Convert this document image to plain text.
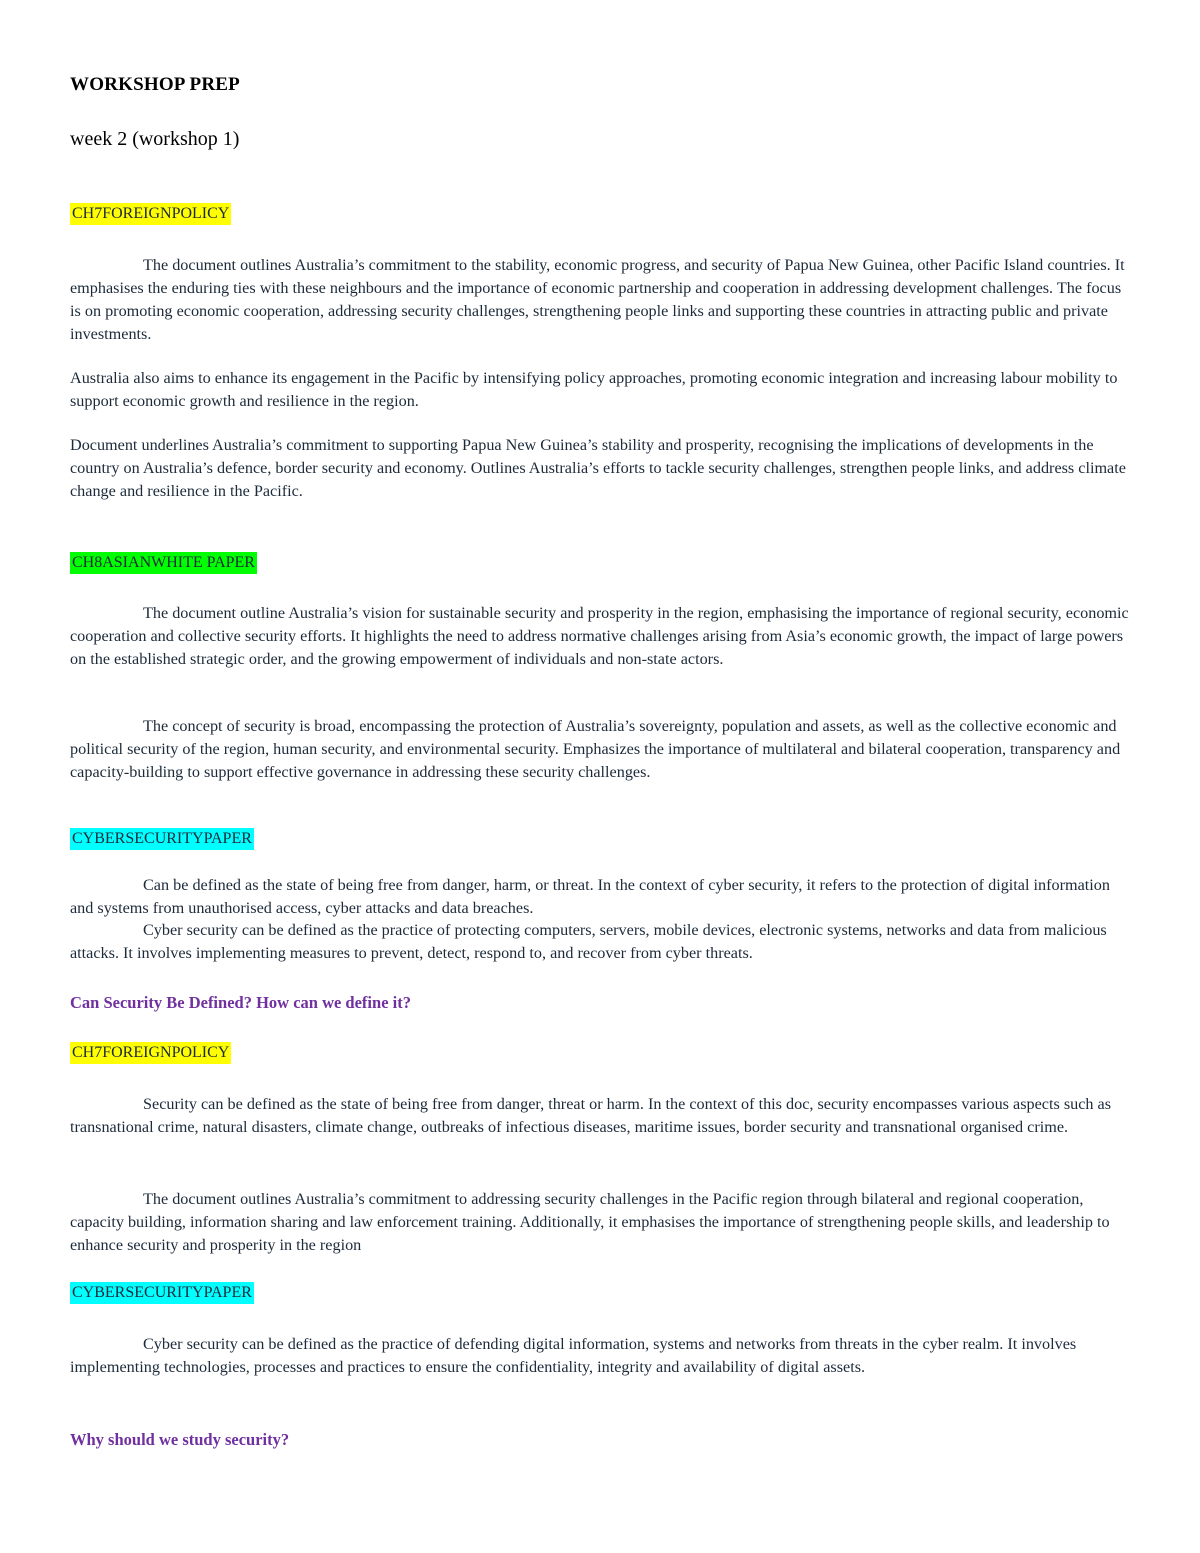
WORKSHOP PREP
week 2 (workshop 1)
CH7FOREIGNPOLICY

The document outlines Australia’s commitment to the stability, economic progress, and security of Papua New Guinea, other Pacific Island countries. It emphasises the enduring ties with these neighbours and the importance of economic partnership and cooperation in addressing development challenges. The focus is on promoting economic cooperation, addressing security challenges, strengthening people links and supporting these countries in attracting public and private investments.

Australia also aims to enhance its engagement in the Pacific by intensifying policy approaches, promoting economic integration and increasing labour mobility to support economic growth and resilience in the region.

Document underlines Australia’s commitment to supporting Papua New Guinea’s stability and prosperity, recognising the implications of developments in the country on Australia’s defence, border security and economy. Outlines Australia’s efforts to tackle security challenges, strengthen people links, and address climate change and resilience in the Pacific.

CH8ASIANWHITE PAPER

The document outline Australia’s vision for sustainable security and prosperity in the region, emphasising the importance of regional security, economic cooperation and collective security efforts. It highlights the need to address normative challenges arising from Asia’s economic growth, the impact of large powers on the established strategic order, and the growing empowerment of individuals and non-state actors.

The concept of security is broad, encompassing the protection of Australia’s sovereignty, population and assets, as well as the collective economic and political security of the region, human security, and environmental security. Emphasizes the importance of multilateral and bilateral cooperation, transparency and capacity-building to support effective governance in addressing these security challenges.

CYBERSECURITYPAPER

Can be defined as the state of being free from danger, harm, or threat. In the context of cyber security, it refers to the protection of digital information and systems from unauthorised access, cyber attacks and data breaches.

Cyber security can be defined as the practice of protecting computers, servers, mobile devices, electronic systems, networks and data from malicious attacks. It involves implementing measures to prevent, detect, respond to, and recover from cyber threats.

Can Security Be Defined? How can we define it?
CH7FOREIGNPOLICY

Security can be defined as the state of being free from danger, threat or harm. In the context of this doc, security encompasses various aspects such as transnational crime, natural disasters, climate change, outbreaks of infectious diseases, maritime issues, border security and transnational organised crime.

The document outlines Australia’s commitment to addressing security challenges in the Pacific region through bilateral and regional cooperation, capacity building, information sharing and law enforcement training. Additionally, it emphasises the importance of strengthening people skills, and leadership to enhance security and prosperity in the region

CYBERSECURITYPAPER

Cyber security can be defined as the practice of defending digital information, systems and networks from threats in the cyber realm. It involves implementing technologies, processes and practices to ensure the confidentiality, integrity and availability of digital assets.

Why should we study security?
